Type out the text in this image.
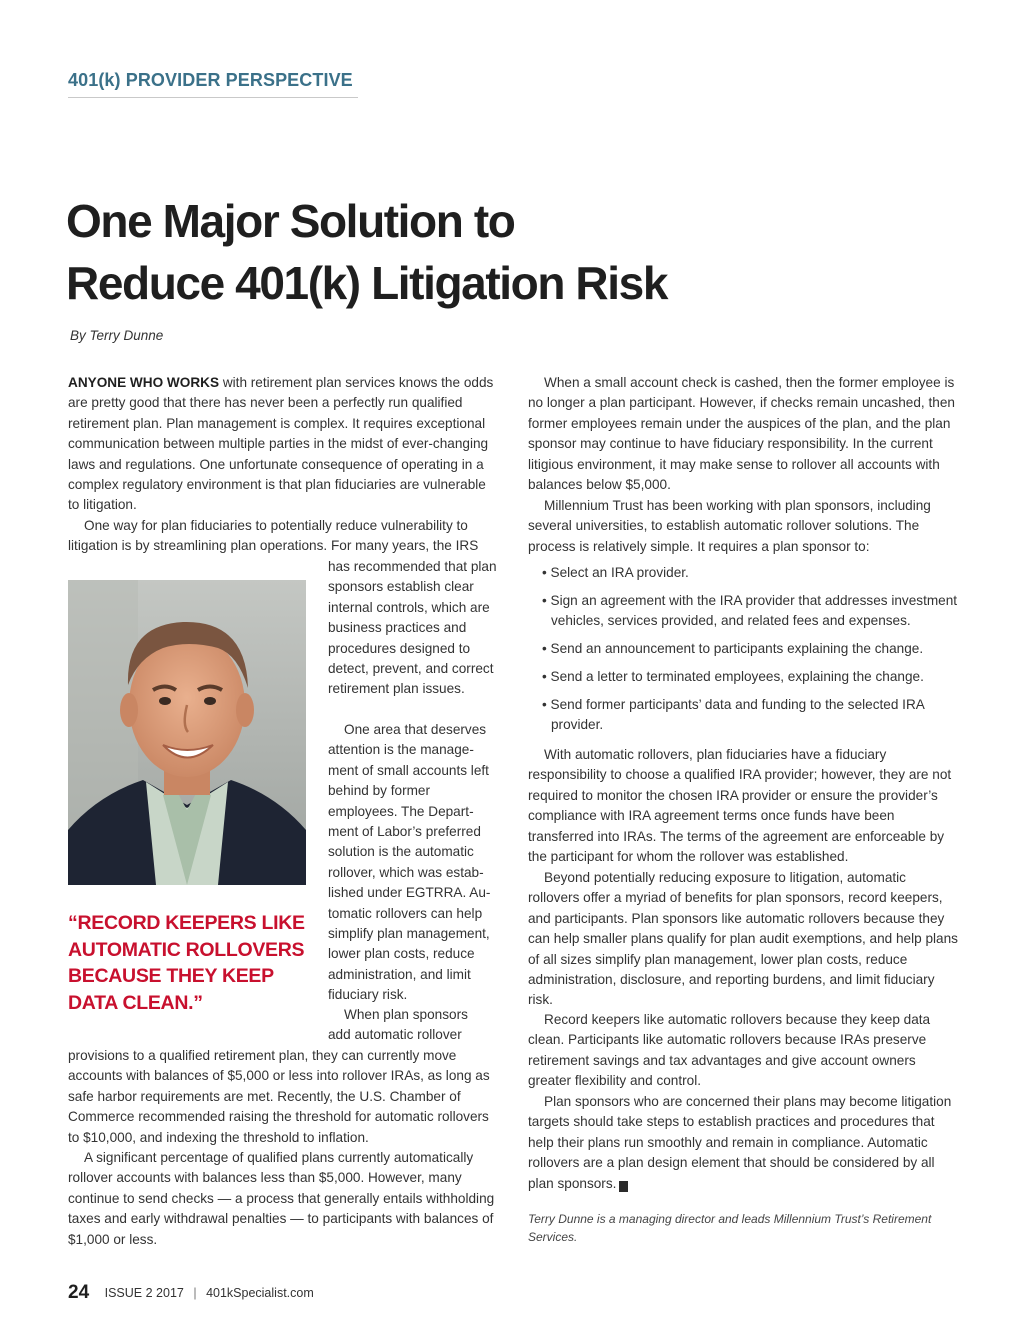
401(k) PROVIDER PERSPECTIVE
One Major Solution to
Reduce 401(k) Litigation Risk
By Terry Dunne

ANYONE WHO WORKS with retirement plan services knows the odds are pretty good that there has never been a perfectly run qualified retirement plan. Plan management is complex. It requires exceptional communication between multiple parties in the midst of ever-changing laws and regulations. One unfortunate consequence of operating in a complex regulatory environment is that plan fiduciaries are vulnerable to litigation.

One way for plan fiduciaries to potentially reduce vulnerability to litigation is by streamlining plan operations. For many years, the IRS

has recommended that plan sponsors establish clear internal controls, which are business practices and procedures designed to detect, prevent, and correct retirement plan issues.

One area that deserves attention is the management of small accounts left behind by former employees. The Department of Labor’s preferred solution is the automatic rollover, which was established under EGTRRA. Automatic rollovers can help simplify plan management, lower plan costs, reduce administration, and limit fiduciary risk.

When plan sponsors add automatic rollover

provisions to a qualified retirement plan, they can currently move accounts with balances of $5,000 or less into rollover IRAs, as long as safe harbor requirements are met. Recently, the U.S. Chamber of Commerce recommended raising the threshold for automatic rollovers to $10,000, and indexing the threshold to inflation.

A significant percentage of qualified plans currently automatically rollover accounts with balances less than $5,000. However, many continue to send checks — a process that generally entails withholding taxes and early withdrawal penalties — to participants with balances of $1,000 or less.

“RECORD KEEPERS LIKE AUTOMATIC ROLLOVERS BECAUSE THEY KEEP DATA CLEAN.”

When a small account check is cashed, then the former employee is no longer a plan participant. However, if checks remain uncashed, then former employees remain under the auspices of the plan, and the plan sponsor may continue to have fiduciary responsibility. In the current litigious environment, it may make sense to rollover all accounts with balances below $5,000.

Millennium Trust has been working with plan sponsors, including several universities, to establish automatic rollover solutions. The process is relatively simple. It requires a plan sponsor to:

• Select an IRA provider.
• Sign an agreement with the IRA provider that addresses investment vehicles, services provided, and related fees and expenses.
• Send an announcement to participants explaining the change.
• Send a letter to terminated employees, explaining the change.
• Send former participants’ data and funding to the selected IRA provider.

With automatic rollovers, plan fiduciaries have a fiduciary responsibility to choose a qualified IRA provider; however, they are not required to monitor the chosen IRA provider or ensure the provider’s compliance with IRA agreement terms once funds have been transferred into IRAs. The terms of the agreement are enforceable by the participant for whom the rollover was established.

Beyond potentially reducing exposure to litigation, automatic rollovers offer a myriad of benefits for plan sponsors, record keepers, and participants. Plan sponsors like automatic rollovers because they can help smaller plans qualify for plan audit exemptions, and help plans of all sizes simplify plan management, lower plan costs, reduce administration, disclosure, and reporting burdens, and limit fiduciary risk.

Record keepers like automatic rollovers because they keep data clean. Participants like automatic rollovers because IRAs preserve retirement savings and tax advantages and give account owners greater flexibility and control.

Plan sponsors who are concerned their plans may become litigation targets should take steps to establish practices and procedures that help their plans run smoothly and remain in compliance. Automatic rollovers are a plan design element that should be considered by all plan sponsors. K

Terry Dunne is a managing director and leads Millennium Trust’s Retirement Services.

24 ISSUE 2 2017 | 401kSpecialist.com
